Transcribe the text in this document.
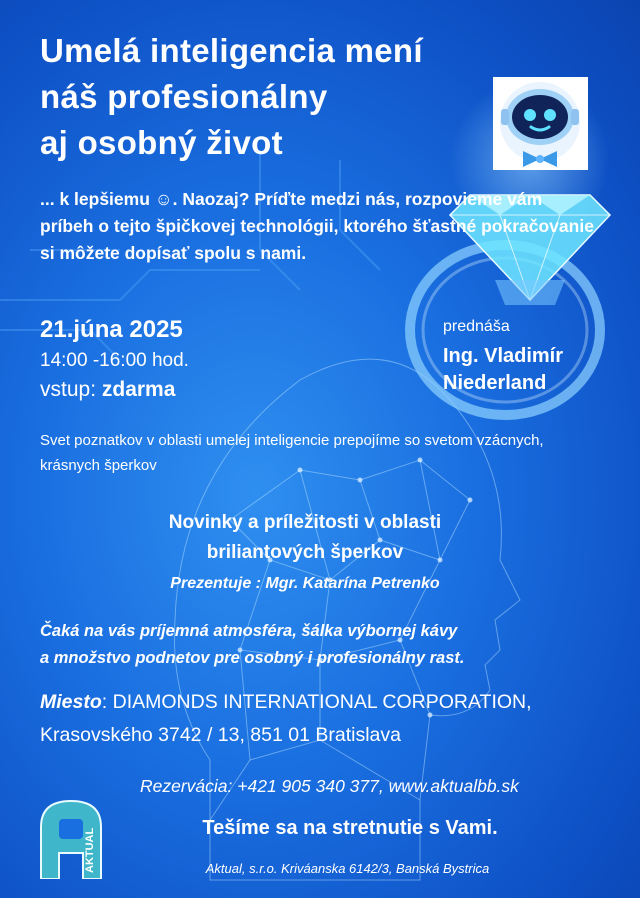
Umelá inteligencia mení
náš profesionálny
aj osobný život
... k lepšiemu ☺. Naozaj? Príďte medzi nás, rozpovieme vám príbeh o tejto špičkovej technológii, ktorého šťastné pokračovanie si môžete dopísať spolu s nami.
21.júna 2025
14:00 -16:00 hod.
vstup: zdarma
prednáša
Ing. Vladimír
Niederland
Svet poznatkov v oblasti umelej inteligencie prepojíme so svetom vzácnych, krásnych šperkov
Novinky a príležitosti v oblasti
briliantových šperkov
Prezentuje : Mgr. Katarína Petrenko
Čaká na vás príjemná atmosféra, šálka výbornej kávy
a množstvo podnetov pre osobný i profesionálny rast.
Miesto: DIAMONDS INTERNATIONAL CORPORATION,
Krasovského 3742 / 13, 851 01 Bratislava
Rezervácia: +421 905 340 377, www.aktualbb.sk
AKTUAL	Tešíme sa na stretnutie s Vami.
Aktual, s.r.o. Kriváanska 6142/3, Banská Bystrica
